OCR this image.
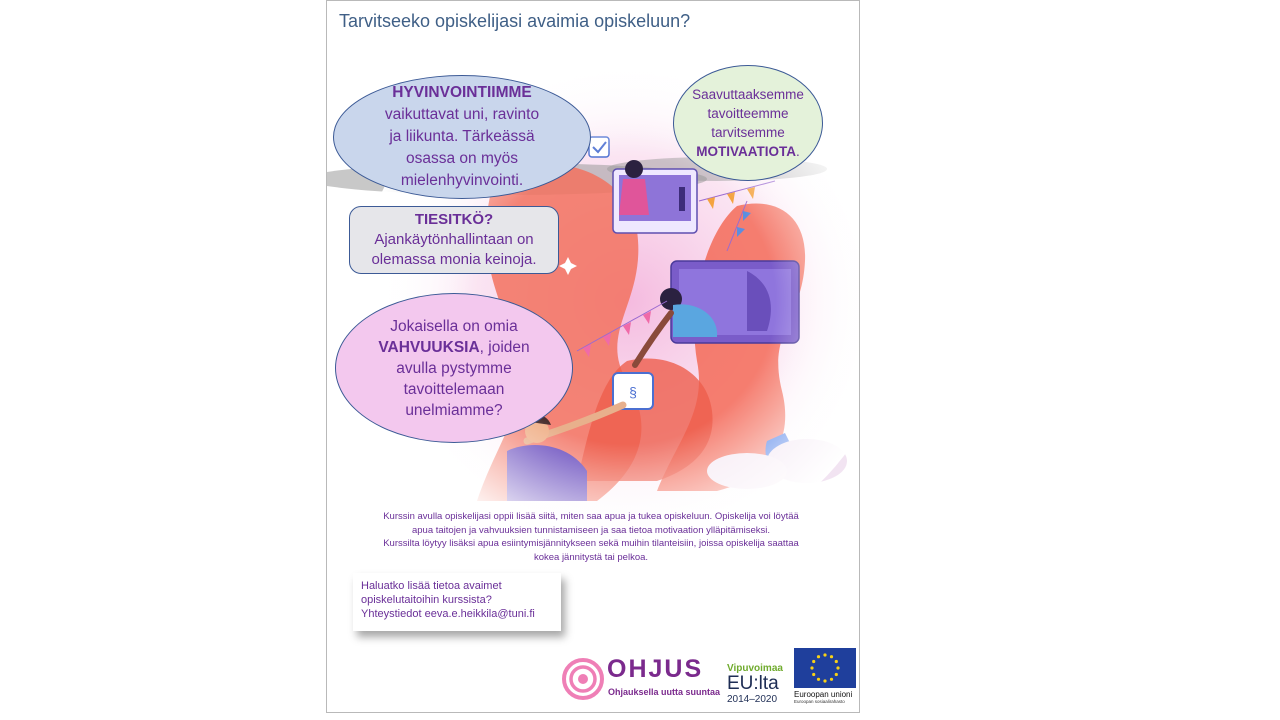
Tarvitseeko opiskelijasi avaimia opiskeluun?
HYVINVOINTIIMME
vaikuttavat uni, ravinto
ja liikunta. Tärkeässä
osassa on myös
mielenhyvinvointi.
Saavuttaaksemme
tavoitteemme
tarvitsemme
MOTIVAATIOTA.
TIESITKÖ?
Ajankäytönhallintaan on
olemassa monia keinoja.
Jokaisella on omia
VAHVUUKSIA, joiden
avulla pystymme
tavoittelemaan
unelmiamme?
Kurssin avulla opiskelijasi oppii lisää siitä, miten saa apua ja tukea opiskeluun. Opiskelija voi löytää
apua taitojen ja vahvuuksien tunnistamiseen ja saa tietoa motivaation ylläpitämiseksi.
Kurssilta löytyy lisäksi apua esiintymisjännitykseen sekä muihin tilanteisiin, joissa opiskelija saattaa
kokea jännitystä tai pelkoa.
Haluatko lisää tietoa avaimet
opiskelutaitoihin kurssista?
Yhteystiedot eeva.e.heikkila@tuni.fi
OHJUS
Ohjauksella uutta suuntaa
Vipuvoimaa
EU:lta
2014–2020	Euroopan unioni
Euroopan sosiaalirahasto
